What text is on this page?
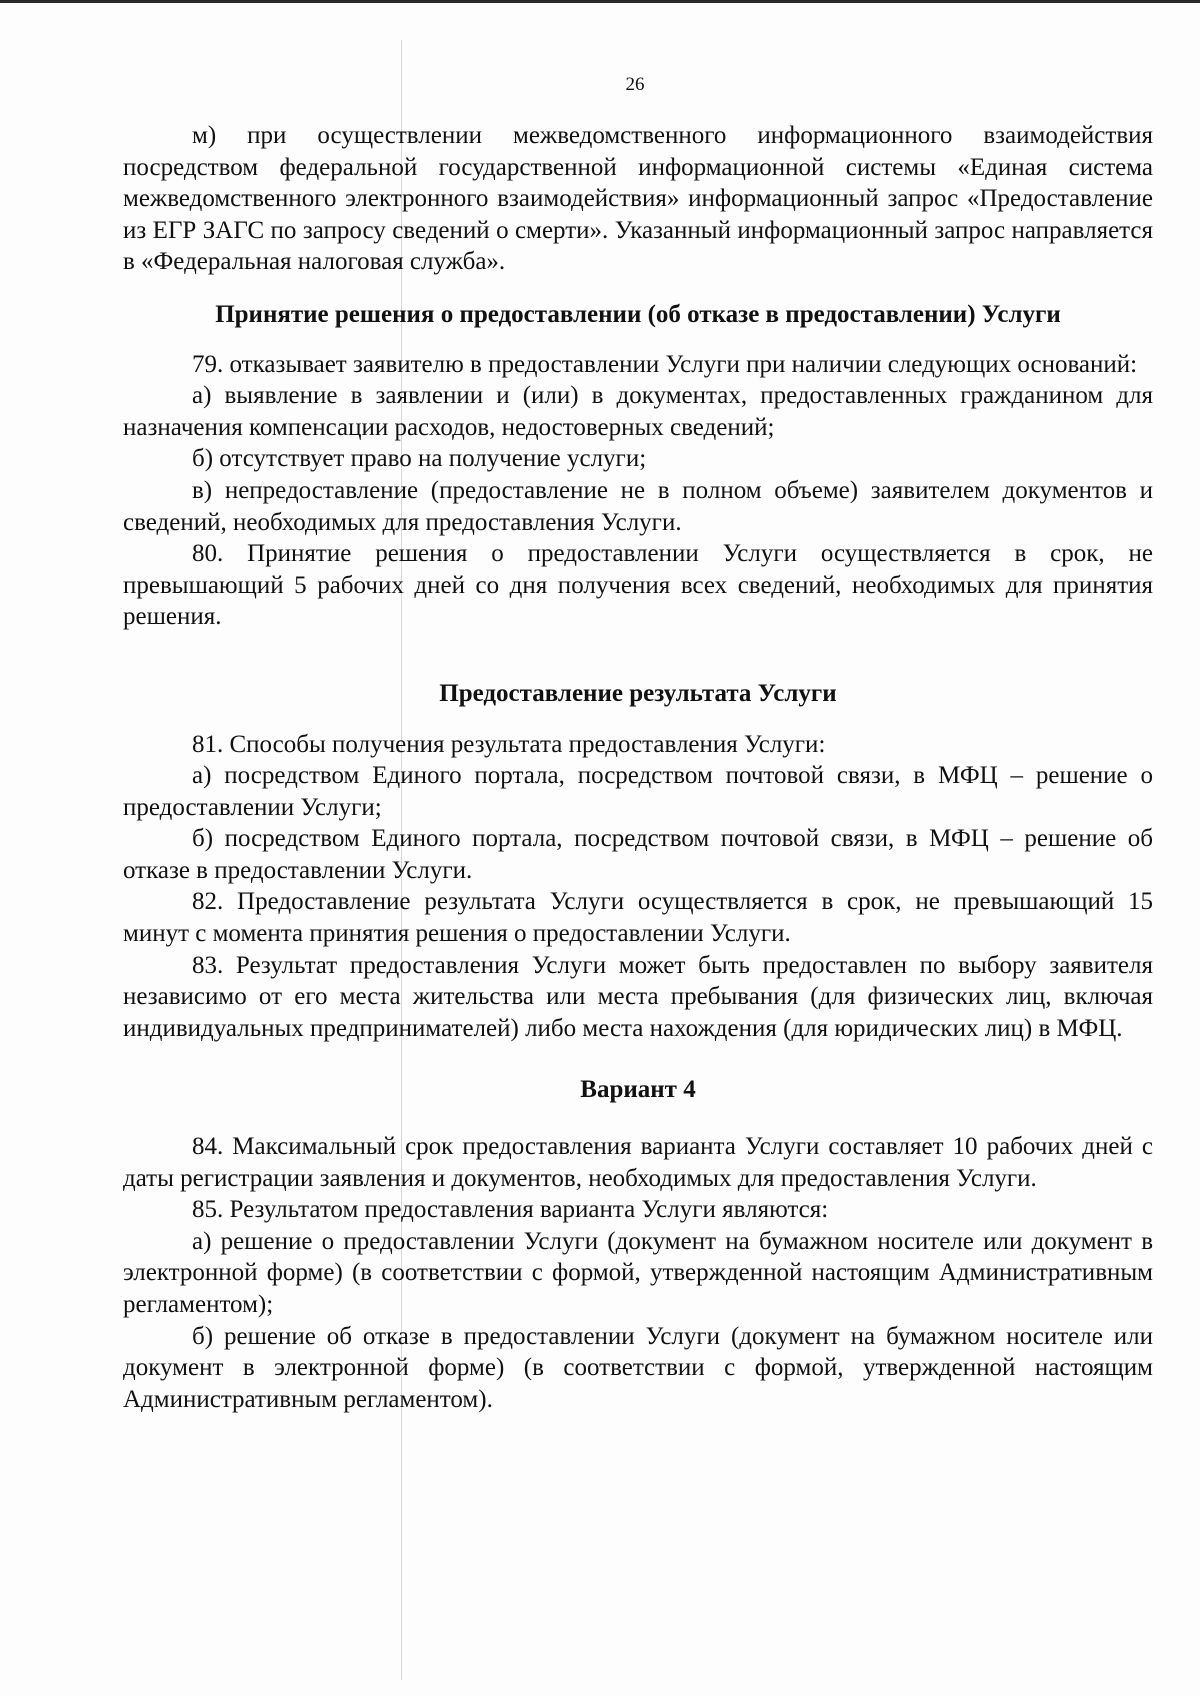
26

м) при осуществлении межведомственного информационного взаимодействия посредством федеральной государственной информационной системы «Единая система межведомственного электронного взаимодействия» информационный запрос «Предоставление из ЕГР ЗАГС по запросу сведений о смерти». Указанный информационный запрос направляется в «Федеральная налоговая служба».

Принятие решения о предоставлении (об отказе в предоставлении) Услуги

79. отказывает заявителю в предоставлении Услуги при наличии следующих оснований:

а) выявление в заявлении и (или) в документах, предоставленных гражданином для назначения компенсации расходов, недостоверных сведений;

б) отсутствует право на получение услуги;

в) непредоставление (предоставление не в полном объеме) заявителем документов и сведений, необходимых для предоставления Услуги.

80. Принятие решения о предоставлении Услуги осуществляется в срок, не превышающий 5 рабочих дней со дня получения всех сведений, необходимых для принятия решения.

Предоставление результата Услуги

81. Способы получения результата предоставления Услуги:

а) посредством Единого портала, посредством почтовой связи, в МФЦ – решение о предоставлении Услуги;

б) посредством Единого портала, посредством почтовой связи, в МФЦ – решение об отказе в предоставлении Услуги.

82. Предоставление результата Услуги осуществляется в срок, не превышающий 15 минут с момента принятия решения о предоставлении Услуги.

83. Результат предоставления Услуги может быть предоставлен по выбору заявителя независимо от его места жительства или места пребывания (для физических лиц, включая индивидуальных предпринимателей) либо места нахождения (для юридических лиц) в МФЦ.

Вариант 4

84. Максимальный срок предоставления варианта Услуги составляет 10 рабочих дней с даты регистрации заявления и документов, необходимых для предоставления Услуги.

85. Результатом предоставления варианта Услуги являются:

а) решение о предоставлении Услуги (документ на бумажном носителе или документ в электронной форме) (в соответствии с формой, утвержденной настоящим Административным регламентом);

б) решение об отказе в предоставлении Услуги (документ на бумажном носителе или документ в электронной форме) (в соответствии с формой, утвержденной настоящим Административным регламентом).
